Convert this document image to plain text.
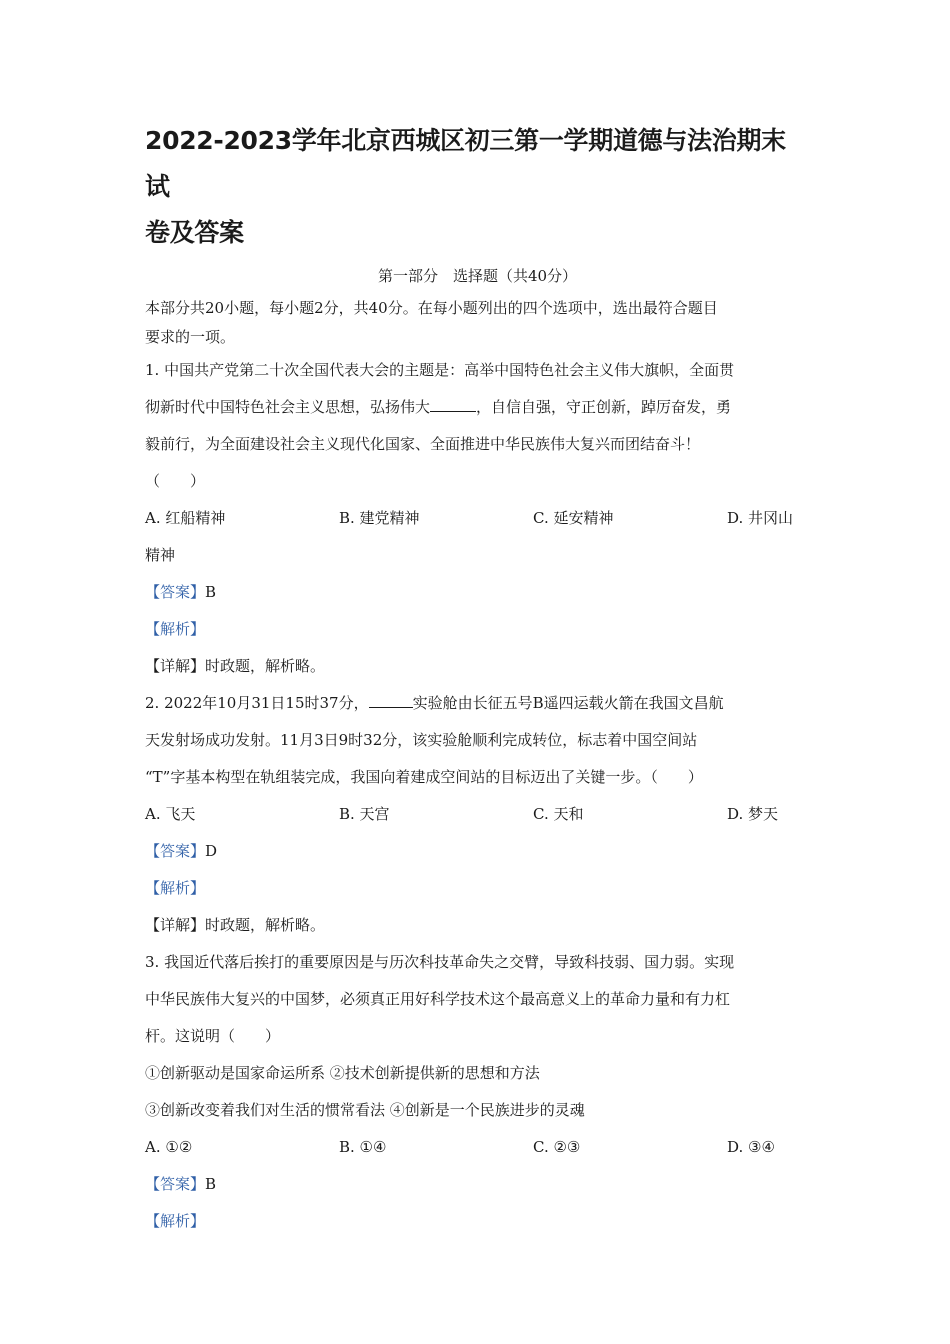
2022-2023学年北京西城区初三第一学期道德与法治期末试
卷及答案
第一部分　选择题（共40分）
本部分共20小题，每小题2分，共40分。在每小题列出的四个选项中，选出最符合题目
要求的一项。
1. 中国共产党第二十次全国代表大会的主题是：高举中国特色社会主义伟大旗帜，全面贯
彻新时代中国特色社会主义思想，弘扬伟大	，自信自强，守正创新，踔厉奋发，勇
毅前行，为全面建设社会主义现代化国家、全面推进中华民族伟大复兴而团结奋斗！
（　　）
A. 红船精神	B. 建党精神	C. 延安精神	D. 井冈山
精神
【答案】B
【解析】
【详解】时政题，解析略。
2. 2022年10月31日15时37分，	实验舱由长征五号B遥四运载火箭在我国文昌航
天发射场成功发射。11月3日9时32分，该实验舱顺利完成转位，标志着中国空间站
“T”字基本构型在轨组装完成，我国向着建成空间站的目标迈出了关键一步。（　　）
A. 飞天	B. 天宫	C. 天和	D. 梦天
【答案】D
【解析】
【详解】时政题，解析略。
3. 我国近代落后挨打的重要原因是与历次科技革命失之交臂，导致科技弱、国力弱。实现
中华民族伟大复兴的中国梦，必须真正用好科学技术这个最高意义上的革命力量和有力杠
杆。这说明（　　）
①创新驱动是国家命运所系 ②技术创新提供新的思想和方法
③创新改变着我们对生活的惯常看法 ④创新是一个民族进步的灵魂
A. ①②	B. ①④	C. ②③	D. ③④
【答案】B
【解析】
